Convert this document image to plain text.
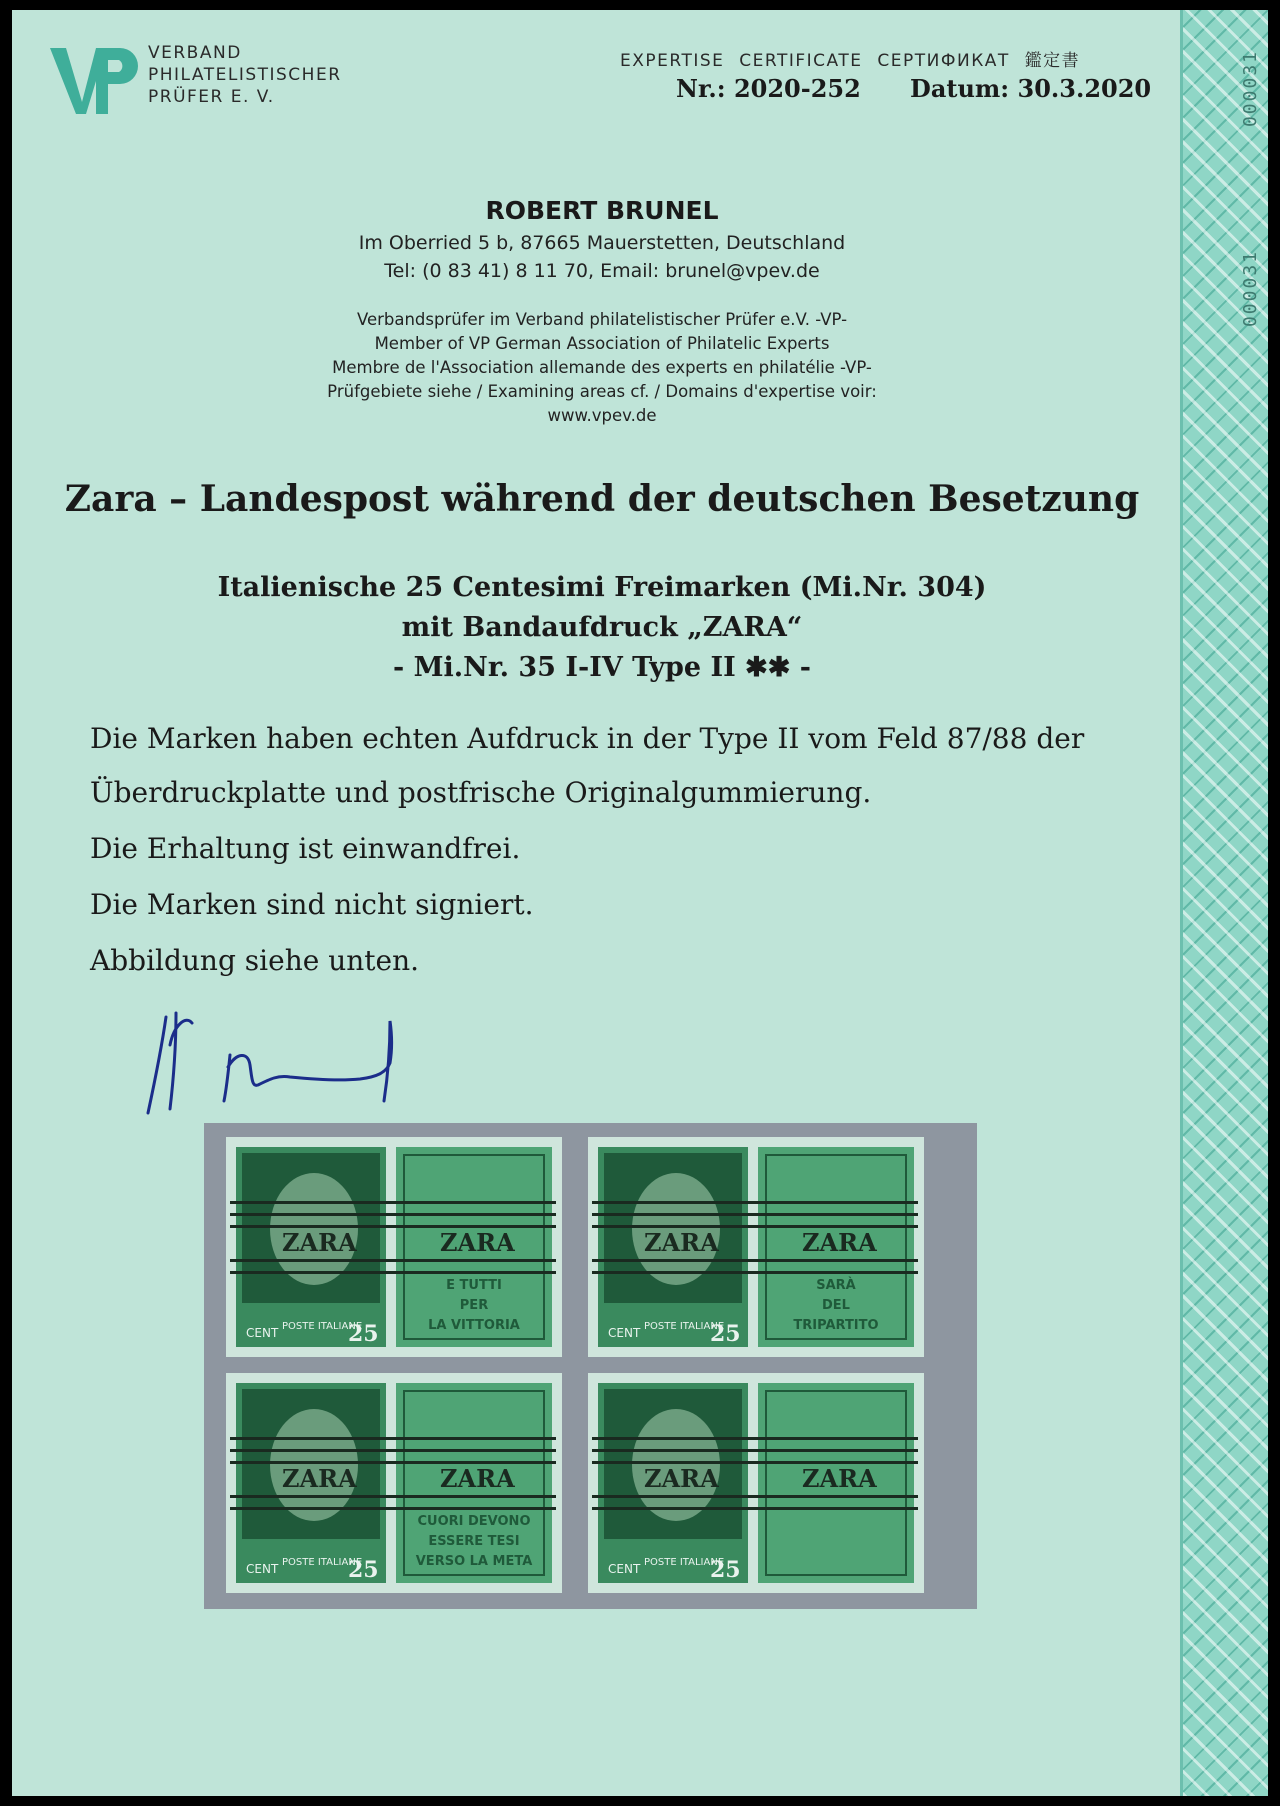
000031
000031
VERBAND
PHILATELISTISCHER
PRÜFER E. V.
EXPERTISE CERTIFICATE СЕРТИФИКАТ 鑑定書
Nr.: 2020-252 Datum: 30.3.2020
ROBERT BRUNEL
Im Oberried 5 b, 87665 Mauerstetten, Deutschland
Tel: (0 83 41) 8 11 70, Email: brunel@vpev.de
Verbandsprüfer im Verband philatelistischer Prüfer e.V. -VP-
Member of VP German Association of Philatelic Experts
Membre de l'Association allemande des experts en philatélie -VP-
Prüfgebiete siehe / Examining areas cf. / Domains d'expertise voir:
www.vpev.de
Zara – Landespost während der deutschen Besetzung
Italienische 25 Centesimi Freimarken (Mi.Nr. 304)
mit Bandaufdruck „ZARA“
- Mi.Nr. 35 I-IV Type II ✱✱ -
Die Marken haben echten Aufdruck in der Type II vom Feld 87/88 der
Überdruckplatte und postfrische Originalgummierung.
Die Erhaltung ist einwandfrei.
Die Marken sind nicht signiert.
Abbildung siehe unten.
CENT POSTE ITALIANE
25
E TUTTI
PER
LA VITTORIA
ZARA	ZARA
CENT POSTE ITALIANE
25
SARÀ
DEL
TRIPARTITO
ZARA	ZARA
CENT POSTE ITALIANE
25
CUORI DEVONO
ESSERE TESI
VERSO LA META
ZARA	ZARA
CENT POSTE ITALIANE
25
ZARA	ZARA
